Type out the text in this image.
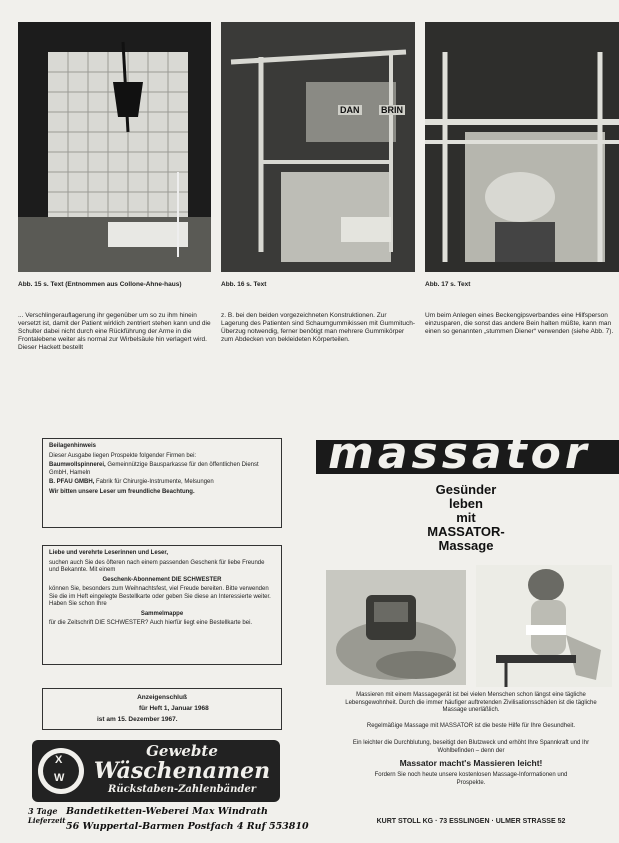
DAN BRIN
Abb. 15 s. Text (Entnommen aus Collone-Ahne-haus)	Abb. 16 s. Text	Abb. 17 s. Text
... Verschlingerauflagerung ihr gegenüber um so zu ihm hinein versetzt ist, damit der Patient wirklich zentriert stehen kann und die Schulter dabei nicht durch eine Rückführung der Arme in die Frontalebene weiter als normal zur Wirbelsäule hin verlagert wird. Dieser Hackett bestellt
z. B. bei den beiden vorgezeichneten Konstruktionen. Zur Lagerung des Patienten sind Schaumgummikissen mit Gummituch-Überzug notwendig, ferner benötigt man mehrere Gummikörper zum Abdecken von bekleideten Körperteilen.
Um beim Anlegen eines Beckengipsverbandes eine Hilfsperson einzusparen, die sonst das andere Bein halten müßte, kann man einen so genannten „stummen Diener“ verwenden (siehe Abb. 7).

Beilagenhinweis

Dieser Ausgabe liegen Prospekte folgender Firmen bei:

Baumwollspinnerei, Gemeinnützige Bausparkasse für den öffentlichen Dienst GmbH, Hameln

B. PFAU GMBH, Fabrik für Chirurgie-Instrumente, Melsungen

Wir bitten unsere Leser um freundliche Beachtung.

Liebe und verehrte Leserinnen und Leser,

suchen auch Sie des öfteren nach einem passenden Geschenk für liebe Freunde und Bekannte. Mit einem

Geschenk-Abonnement DIE SCHWESTER

können Sie, besonders zum Weihnachtsfest, viel Freude bereiten. Bitte verwenden Sie die im Heft eingelegte Bestellkarte oder geben Sie diese an Interessierte weiter. Haben Sie schon Ihre

Sammelmappe

für die Zeitschrift DIE SCHWESTER? Auch hierfür liegt eine Bestellkarte bei.

Anzeigenschluß

für Heft 1, Januar 1968

ist am 15. Dezember 1967.

X
W
Gewebte
Wäschenamen
Rückstaben-Zahlenbänder
3 Tage
Lieferzeit
Bandetiketten-Weberei Max Windrath
56 Wuppertal-Barmen Postfach 4 Ruf 553810
massator
Gesünder
leben
mit
MASSATOR-
Massage
Massieren mit einem Massagegerät ist bei vielen Menschen schon längst eine tägliche Lebensgewohnheit. Durch die immer häufiger auftretenden Zivilisationsschäden ist die tägliche Massage unerläßlich.
Regelmäßige Massage mit MASSATOR ist die beste Hilfe für Ihre Gesundheit.
Ein leichter die Durchblutung, beseitigt den Blutzweck und erhöht Ihre Spannkraft und Ihr Wohlbefinden – denn der
Massator macht's Massieren leicht!
Fordern Sie noch heute unsere kostenlosen Massage-Informationen und Prospekte.
KURT STOLL KG · 73 ESSLINGEN · ULMER STRASSE 52
